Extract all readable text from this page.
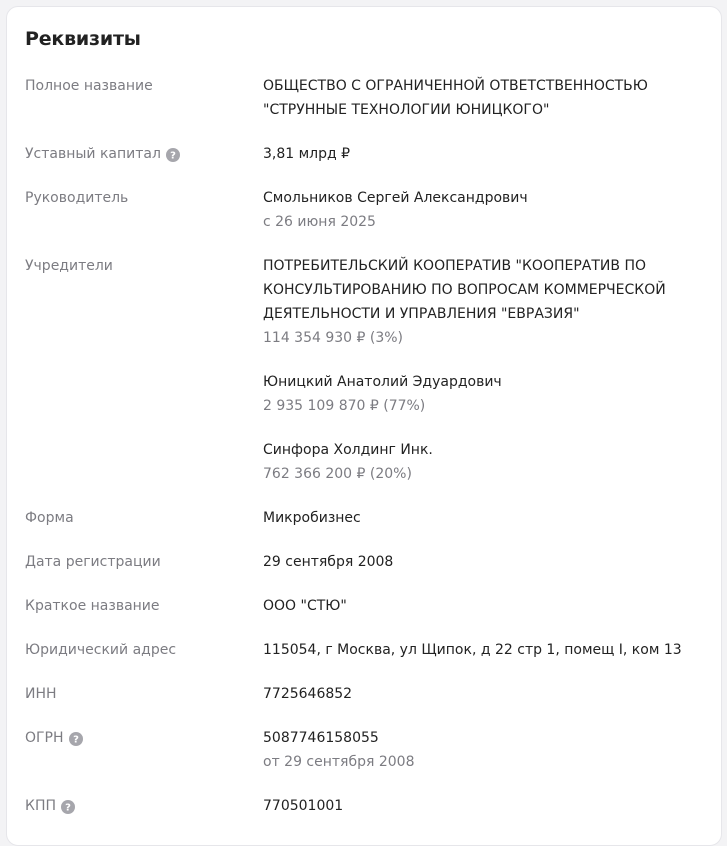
Реквизиты
Полное название	ОБЩЕСТВО С ОГРАНИЧЕННОЙ ОТВЕТСТВЕННОСТЬЮ
"СТРУННЫЕ ТЕХНОЛОГИИ ЮНИЦКОГО"
Уставный капитал ?	3,81 млрд ₽
Руководитель	Смольников Сергей Александрович
с 26 июня 2025
Учредители	ПОТРЕБИТЕЛЬСКИЙ КООПЕРАТИВ "КООПЕРАТИВ ПО
КОНСУЛЬТИРОВАНИЮ ПО ВОПРОСАМ КОММЕРЧЕСКОЙ
ДЕЯТЕЛЬНОСТИ И УПРАВЛЕНИЯ "ЕВРАЗИЯ"
114 354 930 ₽ (3%)
Юницкий Анатолий Эдуардович
2 935 109 870 ₽ (77%)
Синфора Холдинг Инк.
762 366 200 ₽ (20%)
Форма	Микробизнес
Дата регистрации	29 сентября 2008
Краткое название	ООО "СТЮ"
Юридический адрес	115054, г Москва, ул Щипок, д 22 стр 1, помещ I, ком 13
ИНН	7725646852
ОГРН ?	5087746158055
от 29 сентября 2008
КПП ?	770501001
